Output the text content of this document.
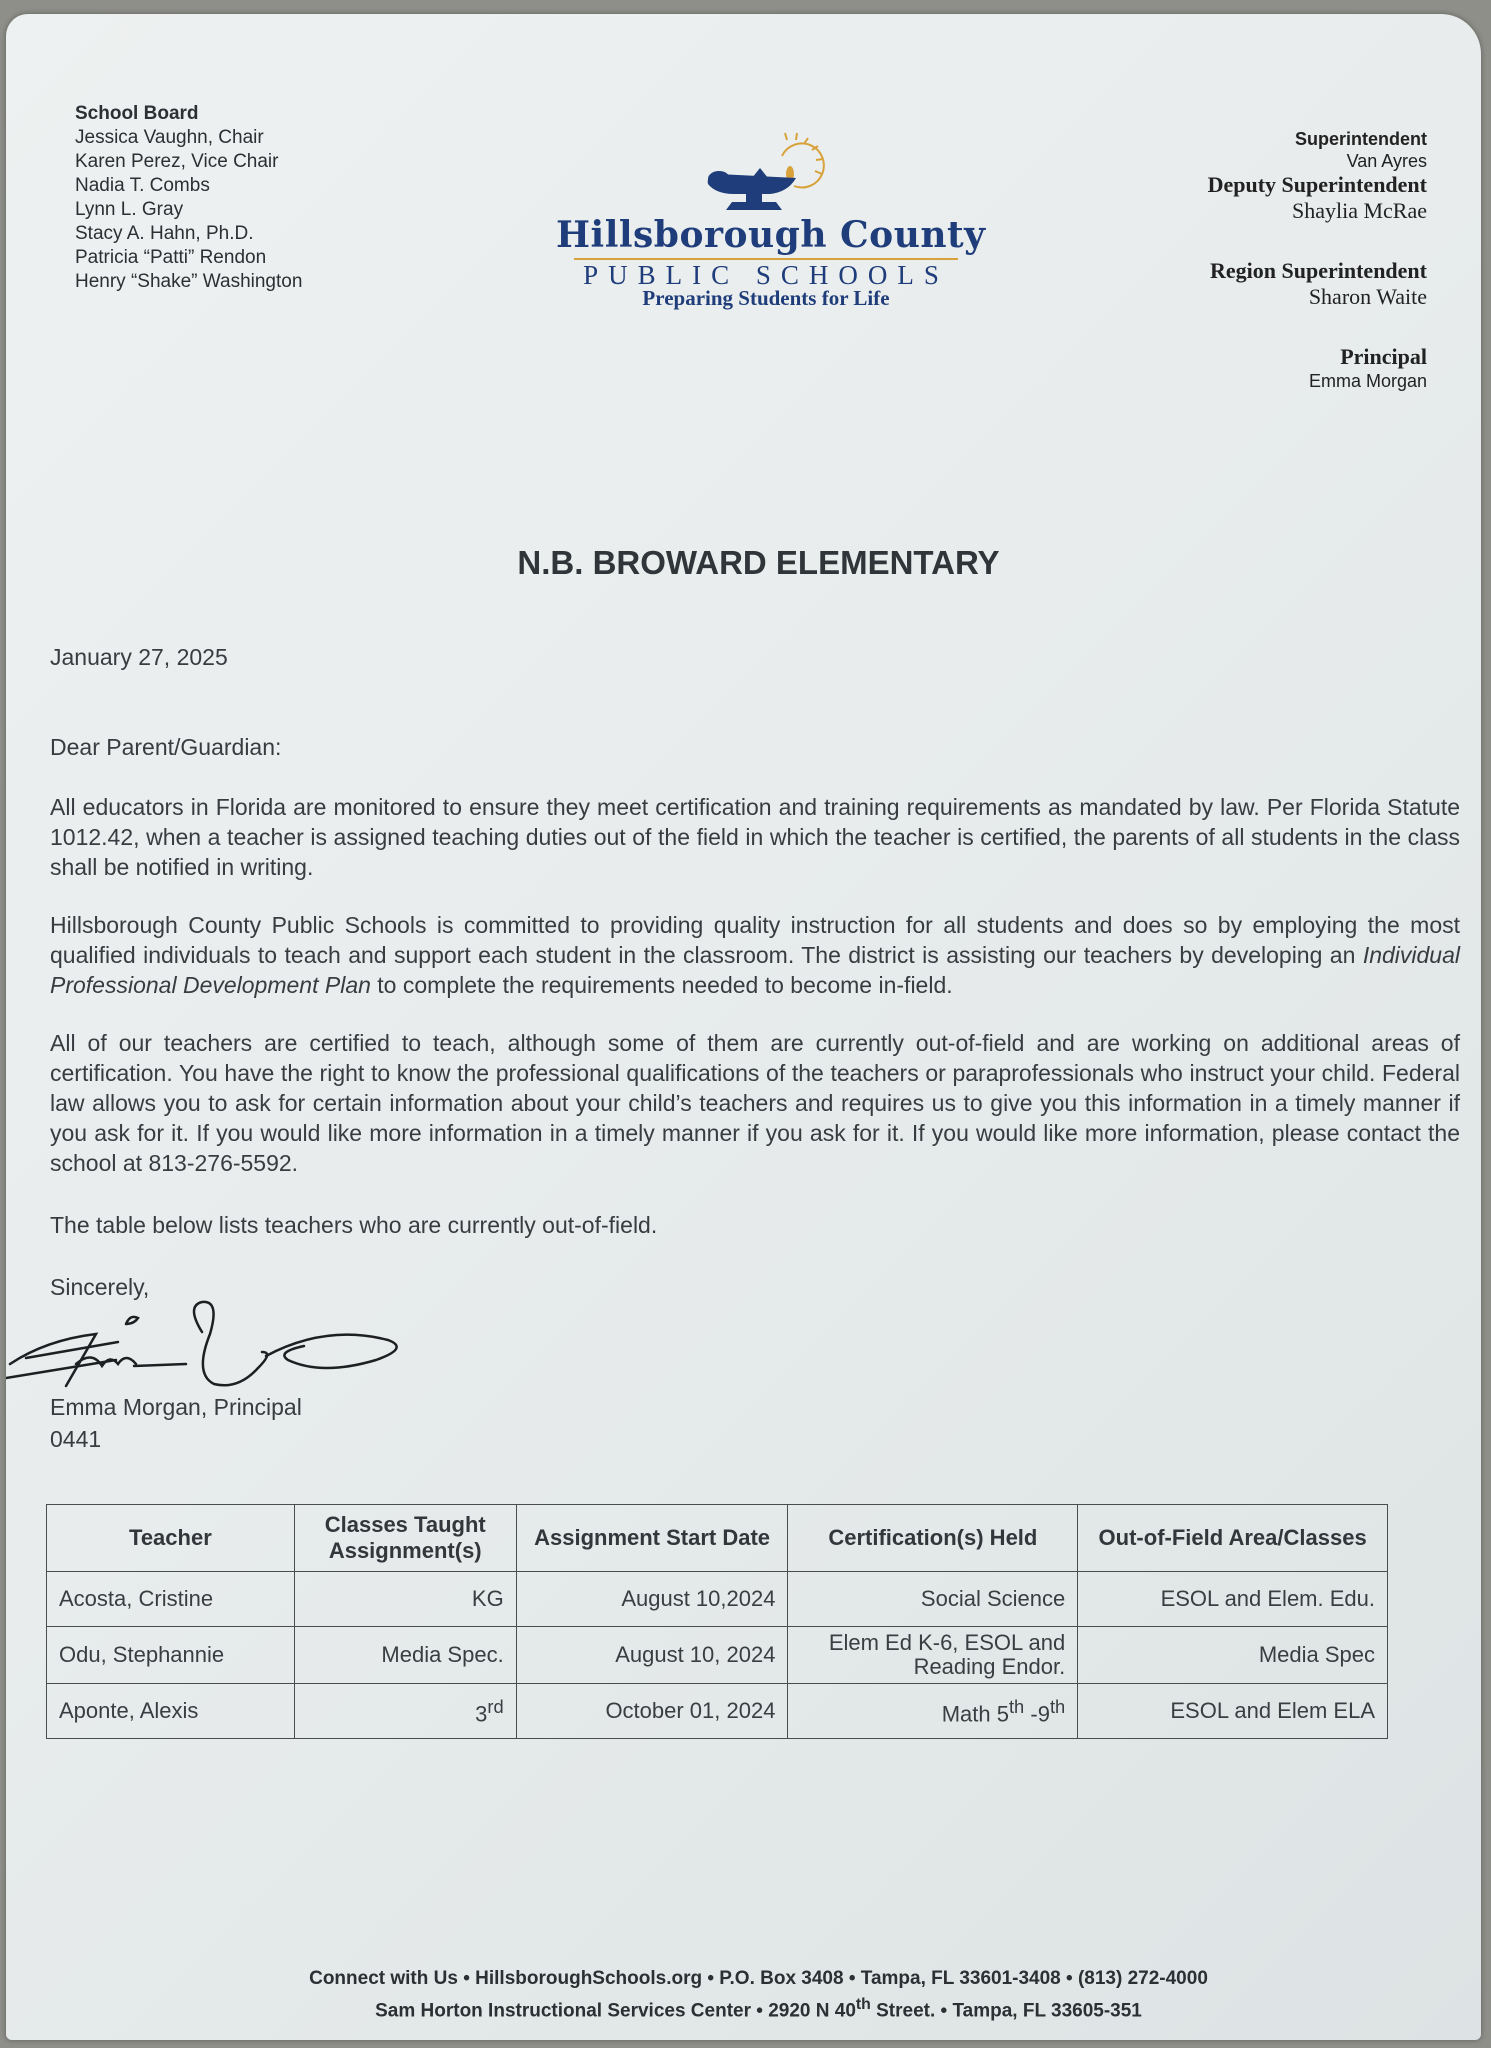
School Board
Jessica Vaughn, Chair
Karen Perez, Vice Chair
Nadia T. Combs
Lynn L. Gray
Stacy A. Hahn, Ph.D.
Patricia “Patti” Rendon
Henry “Shake” Washington
Hillsborough County
PUBLIC SCHOOLS
Preparing Students for Life
Superintendent
Van Ayres
Deputy Superintendent
Shaylia McRae
Region Superintendent
Sharon Waite
Principal
Emma Morgan
N.B. BROWARD ELEMENTARY
January 27, 2025
Dear Parent/Guardian:
All educators in Florida are monitored to ensure they meet certification and training requirements as mandated by law. Per Florida Statute 1012.42, when a teacher is assigned teaching duties out of the field in which the teacher is certified, the parents of all students in the class shall be notified in writing.
Hillsborough County Public Schools is committed to providing quality instruction for all students and does so by employing the most qualified individuals to teach and support each student in the classroom. The district is assisting our teachers by developing an Individual Professional Development Plan to complete the requirements needed to become in-field.
All of our teachers are certified to teach, although some of them are currently out-of-field and are working on additional areas of certification. You have the right to know the professional qualifications of the teachers or paraprofessionals who instruct your child. Federal law allows you to ask for certain information about your child’s teachers and requires us to give you this information in a timely manner if you ask for it. If you would like more information in a timely manner if you ask for it. If you would like more information, please contact the school at 813-276-5592.
The table below lists teachers who are currently out-of-field.
Sincerely,
Emma Morgan, Principal
0441
Teacher	Classes Taught Assignment(s)	Assignment Start Date	Certification(s) Held	Out-of-Field Area/Classes
Acosta, Cristine	KG	August 10,2024	Social Science	ESOL and Elem. Edu.
Odu, Stephannie	Media Spec.	August 10, 2024	Elem Ed K-6, ESOL and Reading Endor.	Media Spec
Aponte, Alexis	3rd	October 01, 2024	Math 5th -9th	ESOL and Elem ELA
Connect with Us • HillsboroughSchools.org • P.O. Box 3408 • Tampa, FL 33601-3408 • (813) 272-4000
Sam Horton Instructional Services Center • 2920 N 40th Street. • Tampa, FL 33605-351
